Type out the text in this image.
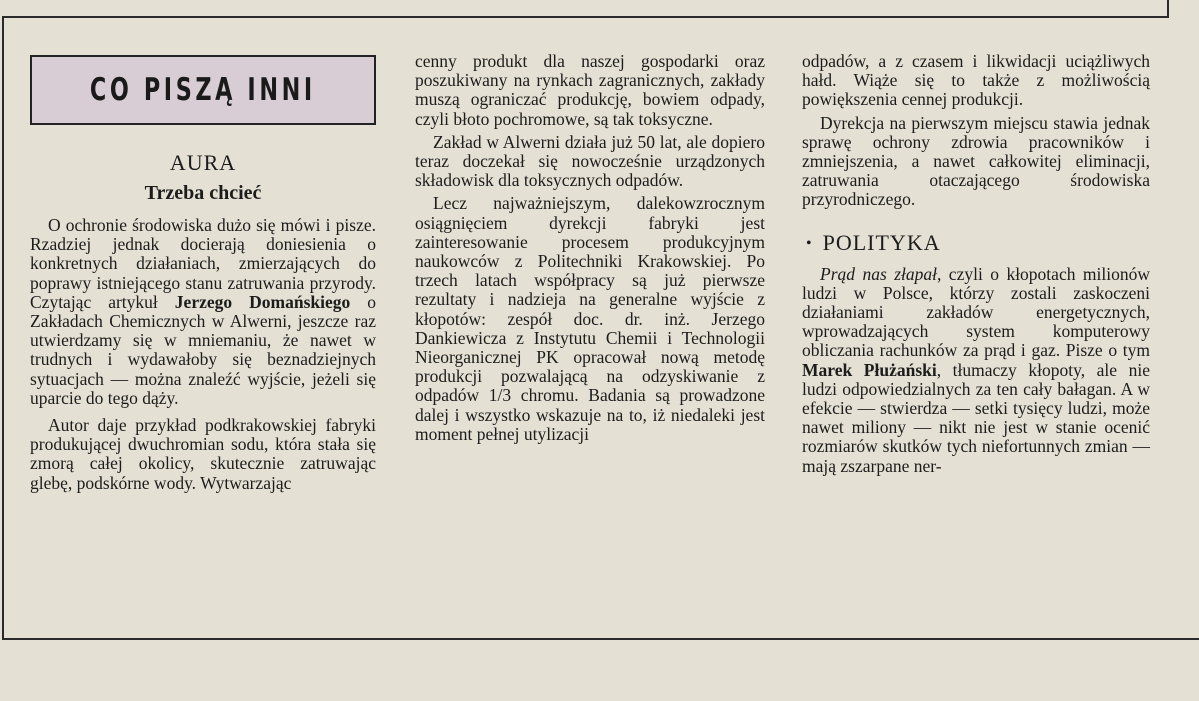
CO PISZĄ INNI
AURA
Trzeba chcieć

O ochronie środowiska dużo się mówi i pisze. Rzadziej jednak docierają doniesienia o konkretnych działaniach, zmierzających do poprawy istniejącego stanu zatruwania przyrody. Czytając artykuł Jerzego Domańskiego o Zakładach Chemicznych w Alwerni, jeszcze raz utwierdzamy się w mniemaniu, że nawet w trudnych i wydawałoby się beznadziejnych sytuacjach — można znaleźć wyjście, jeżeli się uparcie do tego dąży.

Autor daje przykład podkrakowskiej fabryki produkującej dwuchromian sodu, która stała się zmorą całej okolicy, skutecznie zatruwając glebę, podskórne wody. Wytwarzając

cenny produkt dla naszej gospodarki oraz poszukiwany na rynkach zagranicznych, zakłady muszą ograniczać produkcję, bowiem odpady, czyli błoto pochromowe, są tak toksyczne.

Zakład w Alwerni działa już 50 lat, ale dopiero teraz doczekał się nowocześnie urządzonych składowisk dla toksycznych odpadów.

Lecz najważniejszym, dalekowzrocznym osiągnięciem dyrekcji fabryki jest zainteresowanie procesem produkcyjnym naukowców z Politechniki Krakowskiej. Po trzech latach współpracy są już pierwsze rezultaty i nadzieja na generalne wyjście z kłopotów: zespół doc. dr. inż. Jerzego Dankiewicza z Instytutu Chemii i Technologii Nieorganicznej PK opracował nową metodę produkcji pozwalającą na odzyskiwanie z odpadów 1/3 chromu. Badania są prowadzone dalej i wszystko wskazuje na to, iż niedaleki jest moment pełnej utylizacji

odpadów, a z czasem i likwidacji uciążliwych hałd. Wiąże się to także z możliwością powiększenia cennej produkcji.

Dyrekcja na pierwszym miejscu stawia jednak sprawę ochrony zdrowia pracowników i zmniejszenia, a nawet całkowitej eliminacji, zatruwania otaczającego środowiska przyrodniczego.

• POLITYKA

Prąd nas złapał, czyli o kłopotach milionów ludzi w Polsce, którzy zostali zaskoczeni działaniami zakładów energetycznych, wprowadzających system komputerowy obliczania rachunków za prąd i gaz. Pisze o tym Marek Płużański, tłumaczy kłopoty, ale nie ludzi odpowiedzialnych za ten cały bałagan. A w efekcie — stwierdza — setki tysięcy ludzi, może nawet miliony — nikt nie jest w stanie ocenić rozmiarów skutków tych niefortunnych zmian — mają zszarpane ner-
